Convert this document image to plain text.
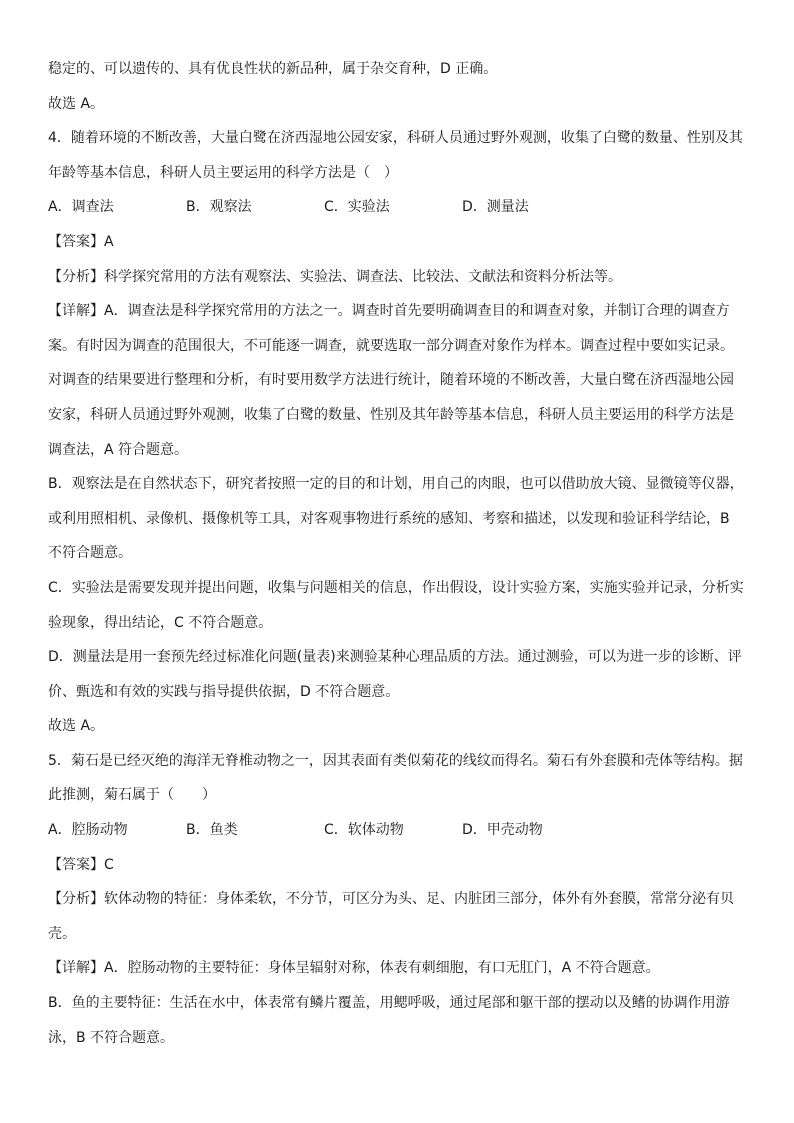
稳定的、可以遗传的、具有优良性状的新品种，属于杂交育种，D 正确。
故选 A。
4．随着环境的不断改善，大量白鹭在济西湿地公园安家，科研人员通过野外观测，收集了白鹭的数量、性别及其
年龄等基本信息，科研人员主要运用的科学方法是（　）
A．调查法	B．观察法	C．实验法	D．测量法
【答案】A
【分析】科学探究常用的方法有观察法、实验法、调查法、比较法、文献法和资料分析法等。
【详解】A．调查法是科学探究常用的方法之一。调查时首先要明确调查目的和调查对象，并制订合理的调查方
案。有时因为调查的范围很大，不可能逐一调查，就要选取一部分调查对象作为样本。调查过程中要如实记录。
对调查的结果要进行整理和分析，有时要用数学方法进行统计，随着环境的不断改善，大量白鹭在济西湿地公园
安家，科研人员通过野外观测，收集了白鹭的数量、性别及其年龄等基本信息，科研人员主要运用的科学方法是
调查法，A 符合题意。
B．观察法是在自然状态下，研究者按照一定的目的和计划，用自己的肉眼，也可以借助放大镜、显微镜等仪器，
或利用照相机、录像机、摄像机等工具，对客观事物进行系统的感知、考察和描述，以发现和验证科学结论，B
不符合题意。
C．实验法是需要发现并提出问题，收集与问题相关的信息，作出假设，设计实验方案，实施实验并记录，分析实
验现象，得出结论，C 不符合题意。
D．测量法是用一套预先经过标准化问题(量表)来测验某种心理品质的方法。通过测验，可以为进一步的诊断、评
价、甄选和有效的实践与指导提供依据，D 不符合题意。
故选 A。
5．菊石是已经灭绝的海洋无脊椎动物之一，因其表面有类似菊花的线纹而得名。菊石有外套膜和壳体等结构。据
此推测，菊石属于（　　）
A．腔肠动物	B．鱼类	C．软体动物	D．甲壳动物
【答案】C
【分析】软体动物的特征：身体柔软，不分节，可区分为头、足、内脏团三部分，体外有外套膜，常常分泌有贝
壳。
【详解】A．腔肠动物的主要特征：身体呈辐射对称，体表有刺细胞，有口无肛门，A 不符合题意。
B．鱼的主要特征：生活在水中，体表常有鳞片覆盖，用鳃呼吸，通过尾部和躯干部的摆动以及鳍的协调作用游
泳，B 不符合题意。
